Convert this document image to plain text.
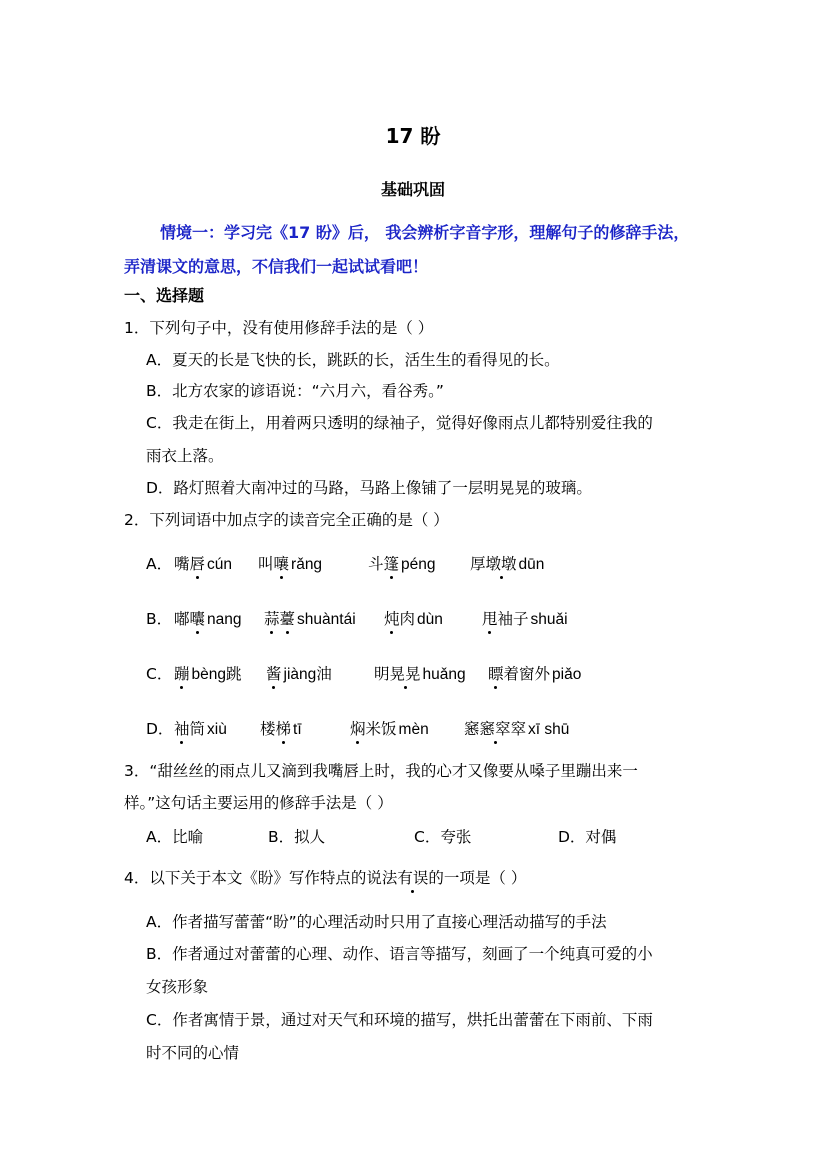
17 盼
基础巩固
情境一：学习完《17 盼》后， 我会辨析字音字形，理解句子的修辞手法，
弄清课文的意思，不信我们一起试试看吧！
一、选择题
1．下列句子中，没有使用修辞手法的是（ ）
A．夏天的长是飞快的长，跳跃的长，活生生的看得见的长。
B．北方农家的谚语说：“六月六，看谷秀。”
C．我走在街上，用着两只透明的绿袖子，觉得好像雨点儿都特别爱往我的
雨衣上落。
D．路灯照着大南冲过的马路，马路上像铺了一层明晃晃的玻璃。
2．下列词语中加点字的读音完全正确的是（ ）
A． 嘴唇 cún 叫嚷 rǎng	斗篷 péng 厚墩墩 dūn
B． 嘟囔 nang 蒜薹 shuàntái 炖肉 dùn	甩袖子 shuǎi
C． 蹦 bèng跳 酱 jiàng油	明晃晃 huǎng 瞟着窗外 piǎo
D． 袖筒 xiù 楼梯 tī	焖米饭 mèn 窸窸窣窣 xī shū
3．“甜丝丝的雨点儿又滴到我嘴唇上时，我的心才又像要从嗓子里蹦出来一
样。”这句话主要运用的修辞手法是（ ）
A．比喻	B．拟人	C．夸张	D．对偶
4．以下关于本文《盼》写作特点的说法有误的一项是（ ）
A．作者描写蕾蕾“盼”的心理活动时只用了直接心理活动描写的手法
B．作者通过对蕾蕾的心理、动作、语言等描写，刻画了一个纯真可爱的小
女孩形象
C．作者寓情于景，通过对天气和环境的描写，烘托出蕾蕾在下雨前、下雨
时不同的心情
